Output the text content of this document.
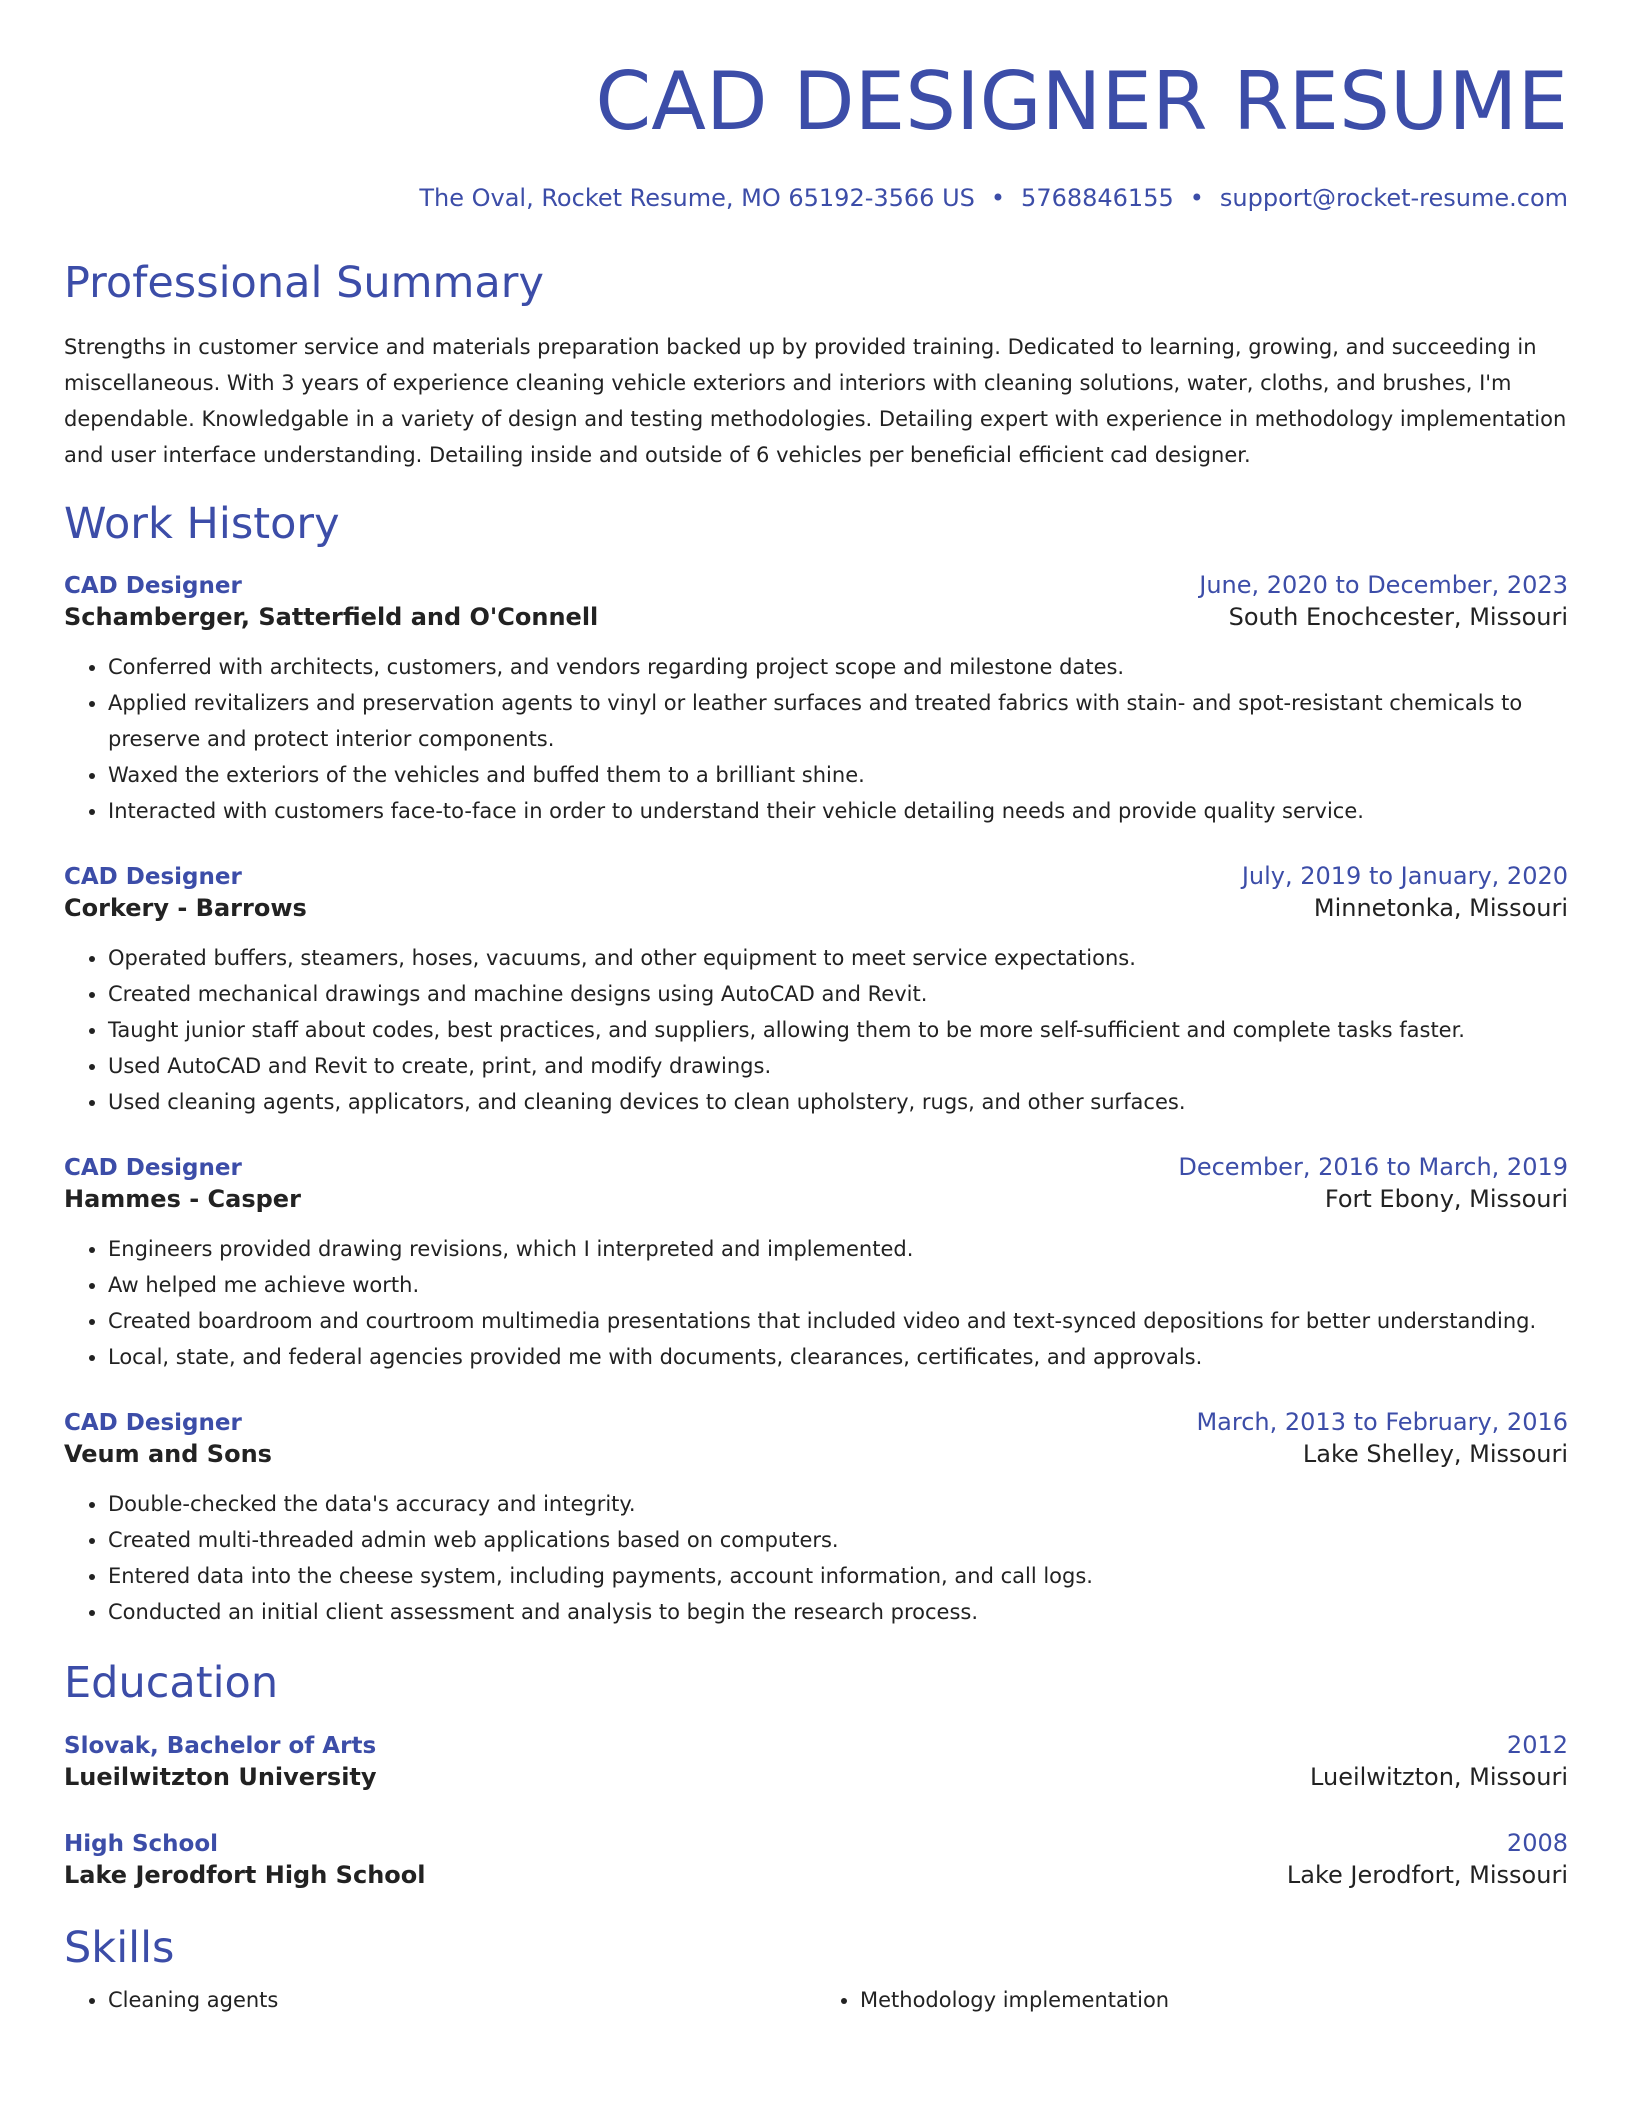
CAD DESIGNER RESUME
The Oval, Rocket Resume, MO 65192-3566 US • 5768846155 • support@rocket-resume.com
Professional Summary
Strengths in customer service and materials preparation backed up by provided training. Dedicated to learning, growing, and succeeding in miscellaneous. With 3 years of experience cleaning vehicle exteriors and interiors with cleaning solutions, water, cloths, and brushes, I'm dependable. Knowledgable in a variety of design and testing methodologies. Detailing expert with experience in methodology implementation and user interface understanding. Detailing inside and outside of 6 vehicles per beneficial efficient cad designer.
Work History
CAD Designer	June, 2020 to December, 2023
Schamberger, Satterfield and O'Connell	South Enochcester, Missouri
• Conferred with architects, customers, and vendors regarding project scope and milestone dates.
• Applied revitalizers and preservation agents to vinyl or leather surfaces and treated fabrics with stain- and spot-resistant chemicals to preserve and protect interior components.
• Waxed the exteriors of the vehicles and buffed them to a brilliant shine.
• Interacted with customers face-to-face in order to understand their vehicle detailing needs and provide quality service.
CAD Designer	July, 2019 to January, 2020
Corkery - Barrows	Minnetonka, Missouri
• Operated buffers, steamers, hoses, vacuums, and other equipment to meet service expectations.
• Created mechanical drawings and machine designs using AutoCAD and Revit.
• Taught junior staff about codes, best practices, and suppliers, allowing them to be more self-sufficient and complete tasks faster.
• Used AutoCAD and Revit to create, print, and modify drawings.
• Used cleaning agents, applicators, and cleaning devices to clean upholstery, rugs, and other surfaces.
CAD Designer	December, 2016 to March, 2019
Hammes - Casper	Fort Ebony, Missouri
• Engineers provided drawing revisions, which I interpreted and implemented.
• Aw helped me achieve worth.
• Created boardroom and courtroom multimedia presentations that included video and text-synced depositions for better understanding.
• Local, state, and federal agencies provided me with documents, clearances, certificates, and approvals.
CAD Designer	March, 2013 to February, 2016
Veum and Sons	Lake Shelley, Missouri
• Double-checked the data's accuracy and integrity.
• Created multi-threaded admin web applications based on computers.
• Entered data into the cheese system, including payments, account information, and call logs.
• Conducted an initial client assessment and analysis to begin the research process.
Education
Slovak, Bachelor of Arts	2012
Lueilwitzton University	Lueilwitzton, Missouri
High School	2008
Lake Jerodfort High School	Lake Jerodfort, Missouri
Skills
• Cleaning agents
•	Methodology implementation
